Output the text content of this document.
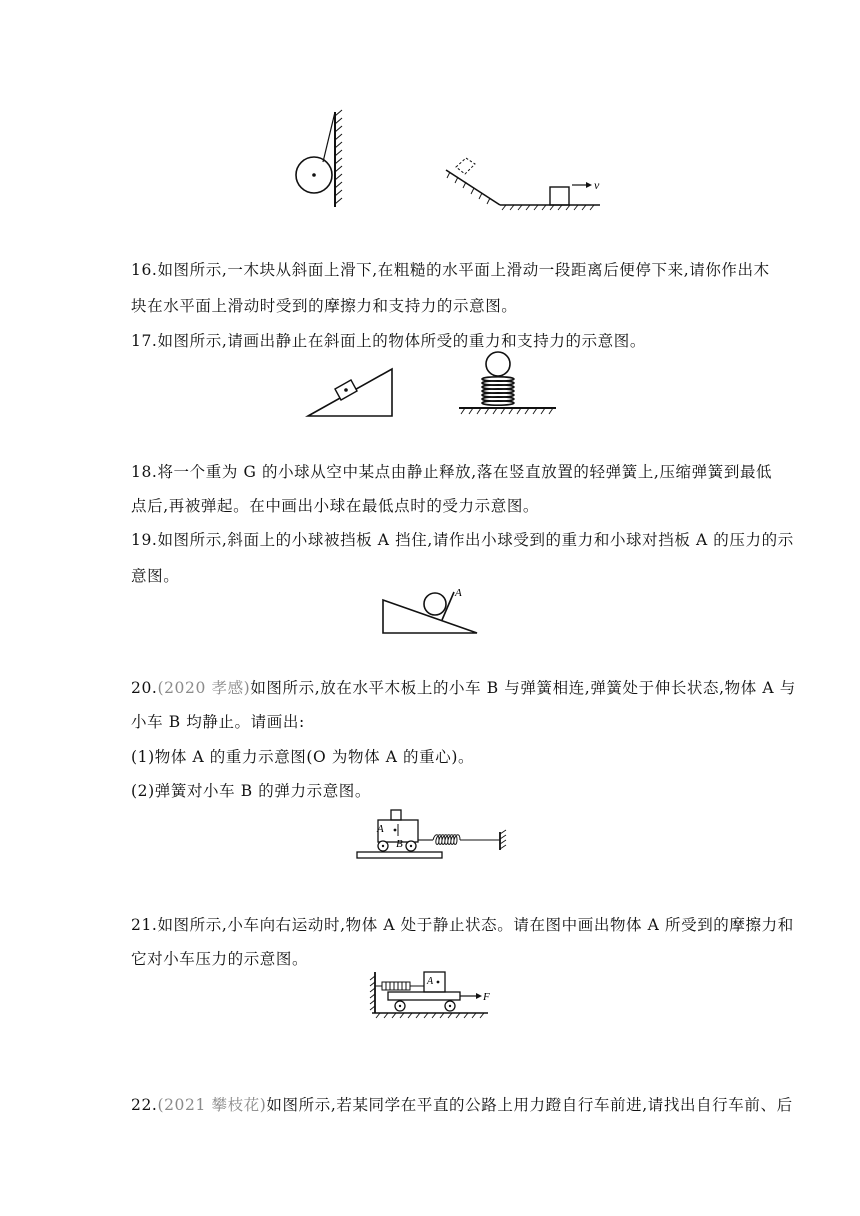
v
16.如图所示,一木块从斜面上滑下,在粗糙的水平面上滑动一段距离后便停下来,请你作出木
块在水平面上滑动时受到的摩擦力和支持力的示意图。
17.如图所示,请画出静止在斜面上的物体所受的重力和支持力的示意图。
18.将一个重为 G 的小球从空中某点由静止释放,落在竖直放置的轻弹簧上,压缩弹簧到最低
点后,再被弹起。在中画出小球在最低点时的受力示意图。
19.如图所示,斜面上的小球被挡板 A 挡住,请作出小球受到的重力和小球对挡板 A 的压力的示
意图。
A
20.(2020 孝感)如图所示,放在水平木板上的小车 B 与弹簧相连,弹簧处于伸长状态,物体 A 与
小车 B 均静止。请画出:
(1)物体 A 的重力示意图(O 为物体 A 的重心)。
(2)弹簧对小车 B 的弹力示意图。
A
B
21.如图所示,小车向右运动时,物体 A 处于静止状态。请在图中画出物体 A 所受到的摩擦力和
它对小车压力的示意图。
A
F
22.(2021 攀枝花)如图所示,若某同学在平直的公路上用力蹬自行车前进,请找出自行车前、后
